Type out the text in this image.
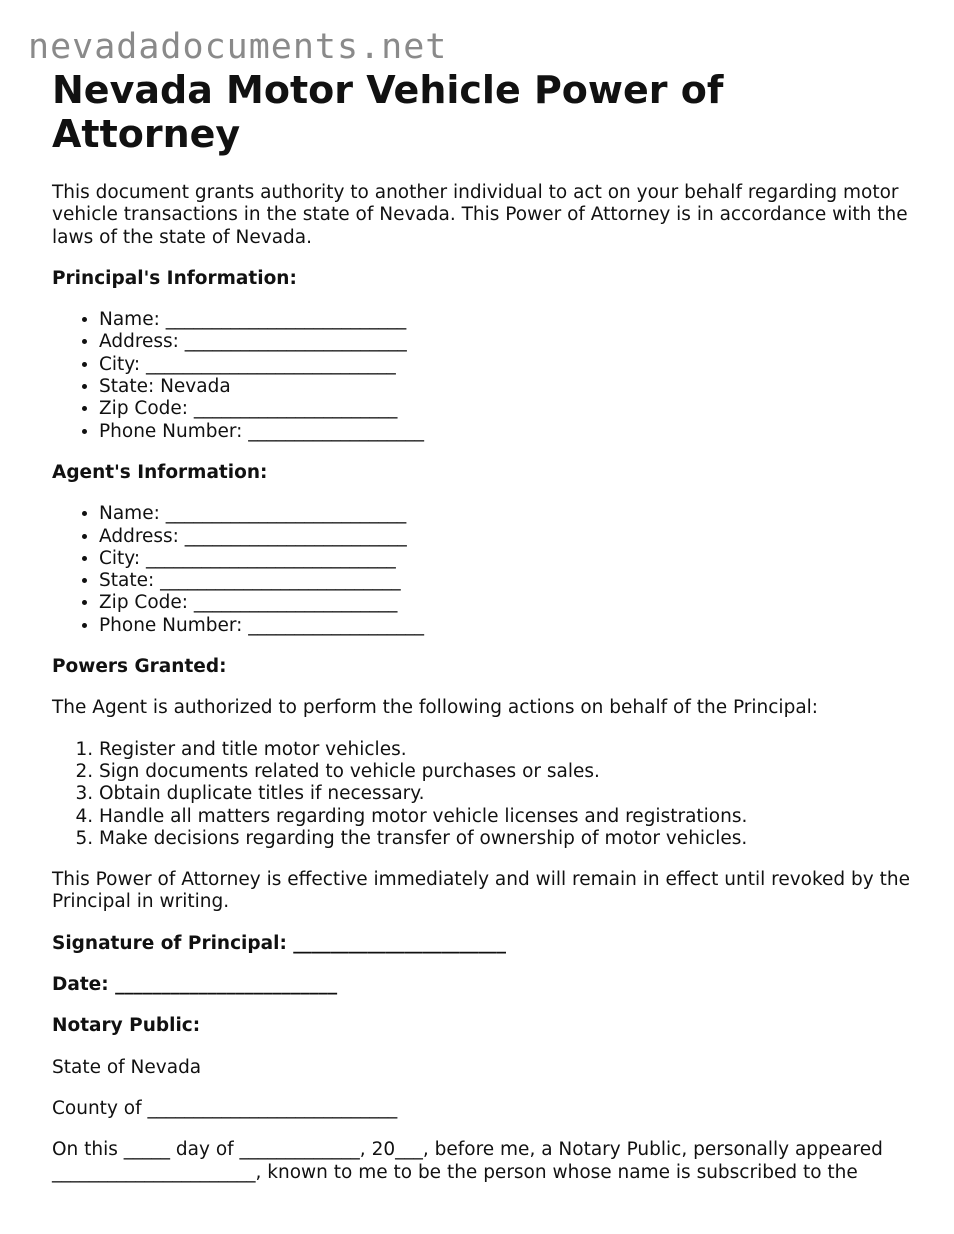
nevadadocuments.net
Nevada Motor Vehicle Power of Attorney

This document grants authority to another individual to act on your behalf regarding motor vehicle transactions in the state of Nevada. This Power of Attorney is in accordance with the laws of the state of Nevada.

Principal's Information:

• Name: __________________________
• Address: ________________________
• City: ___________________________
• State: Nevada
• Zip Code: ______________________
• Phone Number: ___________________

Agent's Information:

• Name: __________________________
• Address: ________________________
• City: ___________________________
• State: __________________________
• Zip Code: ______________________
• Phone Number: ___________________

Powers Granted:

The Agent is authorized to perform the following actions on behalf of the Principal:

1. Register and title motor vehicles.
2. Sign documents related to vehicle purchases or sales.
3. Obtain duplicate titles if necessary.
4. Handle all matters regarding motor vehicle licenses and registrations.
5. Make decisions regarding the transfer of ownership of motor vehicles.

This Power of Attorney is effective immediately and will remain in effect until revoked by the Principal in writing.

Signature of Principal: _______________________

Date: ________________________

Notary Public:

State of Nevada

County of ___________________________

On this _____ day of _____________, 20___, before me, a Notary Public, personally appeared ______________________, known to me to be the person whose name is subscribed to the
